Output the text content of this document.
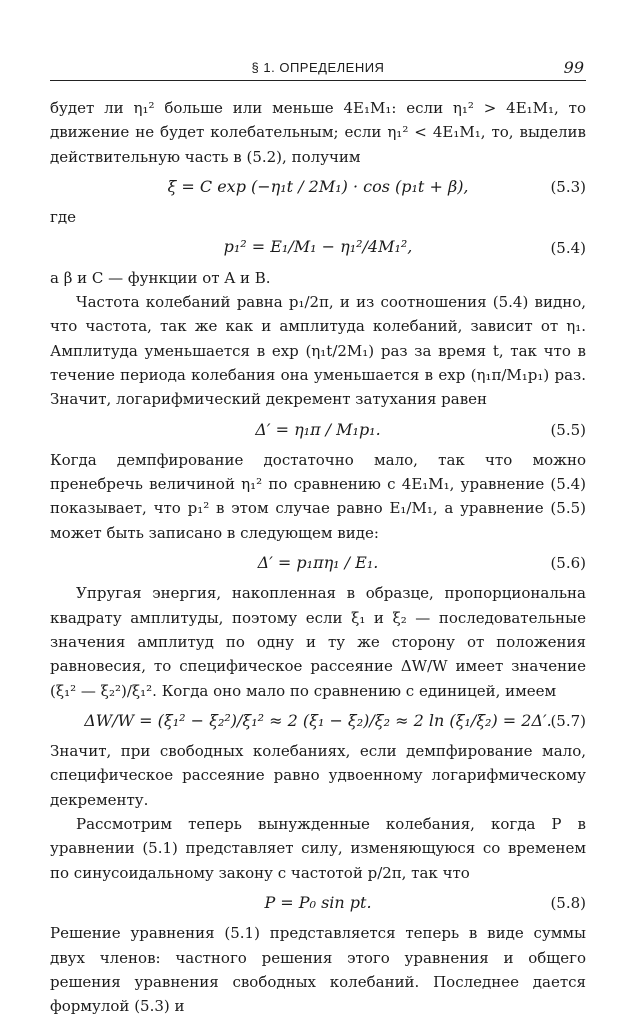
§ 1. ОПРЕДЕЛЕНИЯ	99

будет ли η₁² больше или меньше 4E₁M₁: если η₁² > 4E₁M₁, то движение не будет колебательным; если η₁² < 4E₁M₁, то, выделив действительную часть в (5.2), получим

ξ = C exp (−η₁t / 2M₁) · cos (p₁t + β),	(5.3)

где

p₁² = E₁/M₁ − η₁²/4M₁²,	(5.4)

а β и C — функции от A и B.

Частота колебаний равна p₁/2π, и из соотношения (5.4) видно, что частота, так же как и амплитуда колебаний, зависит от η₁. Амплитуда уменьшается в exp (η₁t/2M₁) раз за время t, так что в течение периода колебания она уменьшается в exp (η₁π/M₁p₁) раз. Значит, логарифмический декремент затухания равен

Δ′ = η₁π / M₁p₁.	(5.5)

Когда демпфирование достаточно мало, так что можно пренебречь величиной η₁² по сравнению с 4E₁M₁, уравнение (5.4) показывает, что p₁² в этом случае равно E₁/M₁, а уравнение (5.5) может быть записано в следующем виде:

Δ′ = p₁πη₁ / E₁.	(5.6)

Упругая энергия, накопленная в образце, пропорциональна квадрату амплитуды, поэтому если ξ₁ и ξ₂ — последовательные значения амплитуд по одну и ту же сторону от положения равновесия, то специфическое рассеяние ΔW/W имеет значение (ξ₁² — ξ₂²)/ξ₁². Когда оно мало по сравнению с единицей, имеем

ΔW/W = (ξ₁² − ξ₂²)/ξ₁² ≈ 2 (ξ₁ − ξ₂)/ξ₂ ≈ 2 ln (ξ₁/ξ₂) = 2Δ′.
(5.7)

Значит, при свободных колебаниях, если демпфирование мало, специфическое рассеяние равно удвоенному логарифмическому декременту.

Рассмотрим теперь вынужденные колебания, когда P в уравнении (5.1) представляет силу, изменяющуюся со временем по синусоидальному закону с частотой p/2π, так что

P = P₀ sin pt.	(5.8)

Решение уравнения (5.1) представляется теперь в виде суммы двух членов: частного решения этого уравнения и общего решения уравнения свободных колебаний. Последнее дается формулой (5.3) и
